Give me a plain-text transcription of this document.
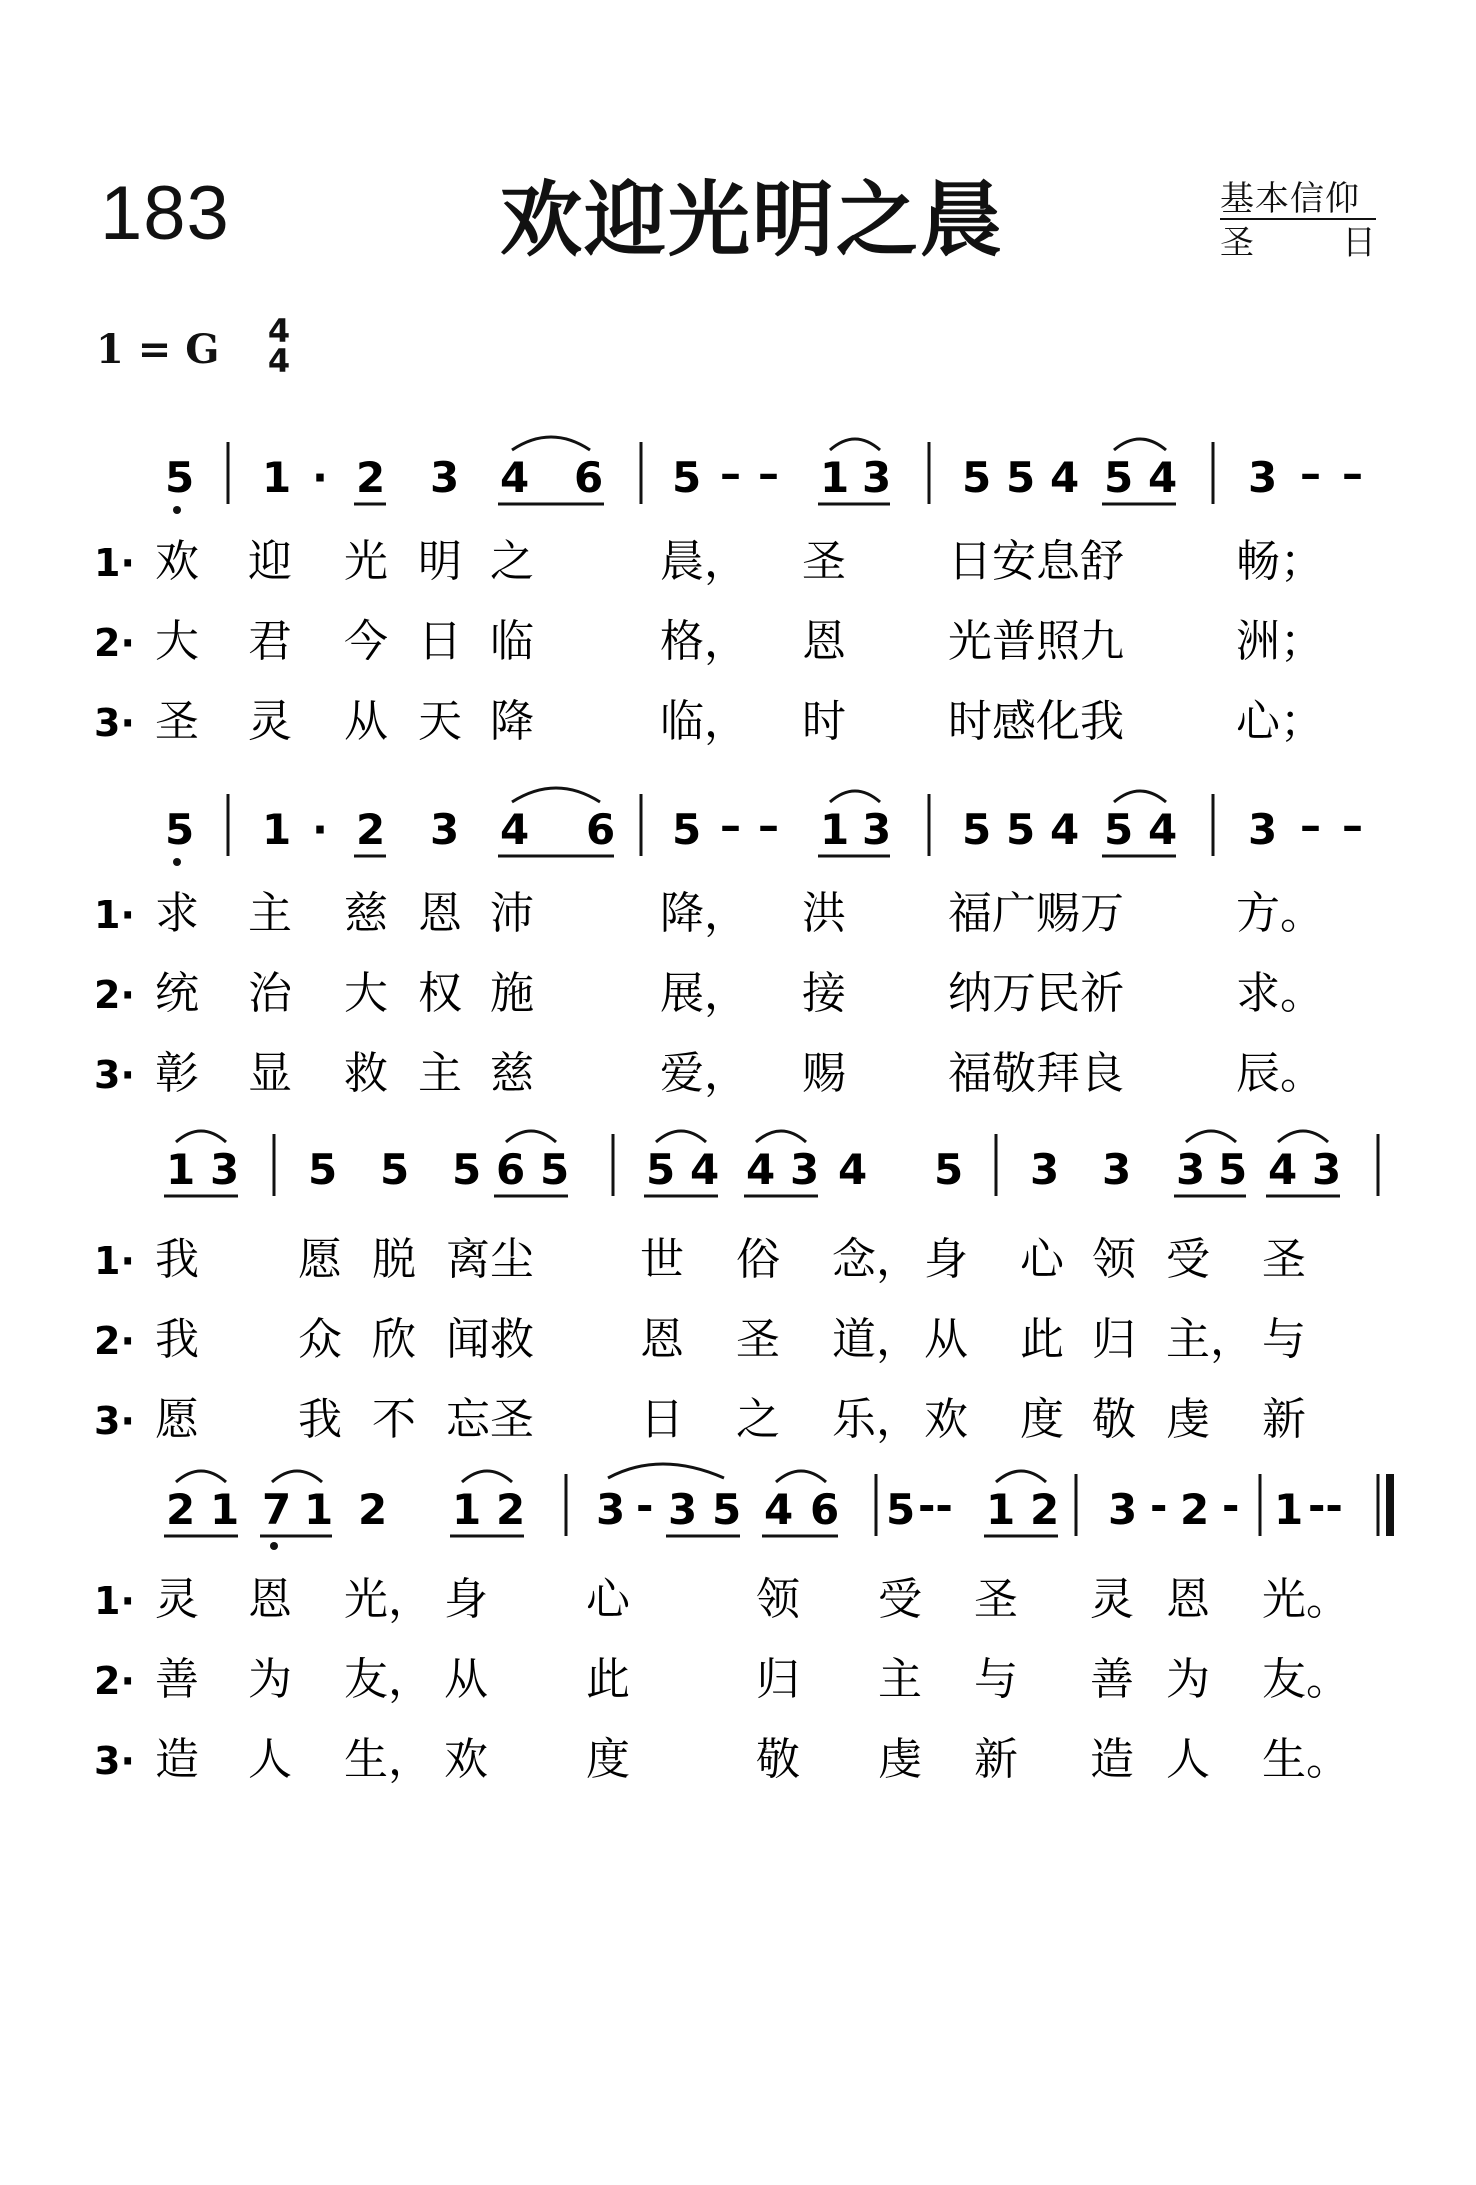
183	欢迎光明之晨	基本信仰
圣	日
1 = G 4
4
5 1 · 2 3 4 6 5 – – 1 3 5 5 4 5 4 3 – –
1·
2·
3·
欢 迎 光 明 之	晨， 圣 日安息舒	畅；
大 君 今 日 临	格， 恩 光普照九	洲；
圣 灵 从 天 降	临， 时 时感化我	心；
5 1 · 2 3 4 6 5 – – 1 3 5 5 4 5 4 3 – –
1·
2·
3·
求 主 慈 恩 沛	降， 洪 福广赐万	方。
统 治 大 权 施	展， 接 纳万民祈	求。
彰 显 救 主 慈	爱， 赐 福敬拜良	辰。
1 3 5 5 5 6 5 5 4 4 3 4 5 3 3 3 5 4 3
1·
2·
3·
我 愿 脱 离 尘 世 俗 念， 身 心 领 受 圣
我 众 欣 闻 救 恩 圣 道， 从 此 归 主， 与
愿 我 不 忘 圣 日 之 乐， 欢 度 敬 虔 新
2 1 7 1 2 1 2 3 - 3 5 4 6 5 -- 1 2 3 - 2 - 1 --
1·
2·
3·
灵 恩 光， 身 心	领 受 圣 灵 恩 光。
善 为 友， 从 此	归 主 与 善 为 友。
造 人 生， 欢 度	敬 虔 新 造 人 生。
